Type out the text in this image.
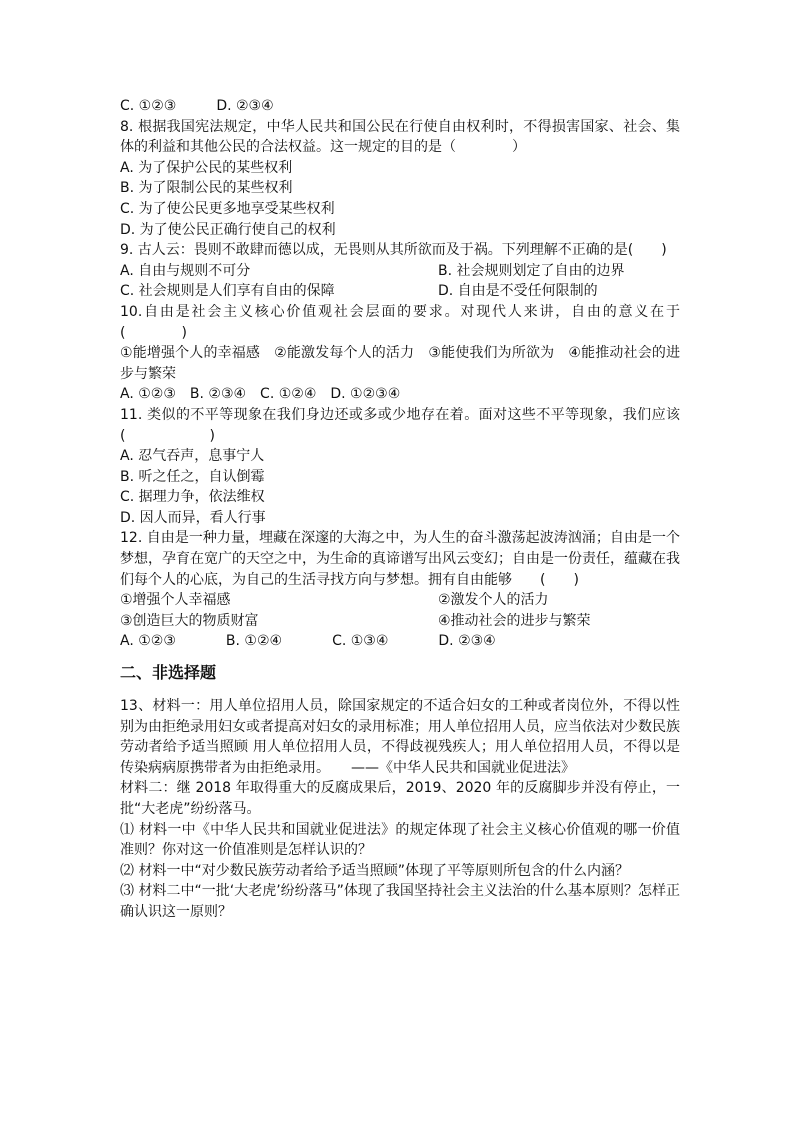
C. ①②③	D. ②③④
8. 根据我国宪法规定，中华人民共和国公民在行使自由权利时，不得损害国家、社会、集体的利益和其他公民的合法权益。这一规定的目的是（　　　　）
A. 为了保护公民的某些权利
B. 为了限制公民的某些权利
C. 为了使公民更多地享受某些权利
D. 为了使公民正确行使自己的权利
9. 古人云：畏则不敢肆而德以成，无畏则从其所欲而及于祸。下列理解不正确的是(　　)
A. 自由与规则不可分	B. 社会规则划定了自由的边界
C. 社会规则是人们享有自由的保障	D. 自由是不受任何限制的
10.自由是社会主义核心价值观社会层面的要求。对现代人来讲，自由的意义在于(　　　　)
①能增强个人的幸福感　②能激发每个人的活力　③能使我们为所欲为　④能推动社会的进步与繁荣
A. ①②③　B. ②③④　C. ①②④　D. ①②③④
11. 类似的不平等现象在我们身边还或多或少地存在着。面对这些不平等现象，我们应该(　　　　　　)
A. 忍气吞声，息事宁人
B. 听之任之，自认倒霉
C. 据理力争，依法维权
D. 因人而异，看人行事
12. 自由是一种力量，埋藏在深邃的大海之中，为人生的奋斗激荡起波涛汹涌；自由是一个梦想，孕育在宽广的天空之中，为生命的真谛谱写出风云变幻；自由是一份责任，蕴藏在我们每个人的心底，为自己的生活寻找方向与梦想。拥有自由能够　　(　　)
①增强个人幸福感	②激发个人的活力
③创造巨大的物质财富	④推动社会的进步与繁荣
A. ①②③	B. ①②④	C. ①③④	D. ②③④
二、非选择题
13、材料一：用人单位招用人员，除国家规定的不适合妇女的工种或者岗位外，不得以性别为由拒绝录用妇女或者提高对妇女的录用标准；用人单位招用人员，应当依法对少数民族劳动者给予适当照顾 用人单位招用人员，不得歧视残疾人；用人单位招用人员，不得以是传染病病原携带者为由拒绝录用。　　——《中华人民共和国就业促进法》
材料二：继 2018 年取得重大的反腐成果后，2019、2020 年的反腐脚步并没有停止，一批“大老虎”纷纷落马。
⑴ 材料一中《中华人民共和国就业促进法》的规定体现了社会主义核心价值观的哪一价值准则？你对这一价值准则是怎样认识的？
⑵ 材料一中“对少数民族劳动者给予适当照顾”体现了平等原则所包含的什么内涵？
⑶ 材料二中“一批‘大老虎’纷纷落马”体现了我国坚持社会主义法治的什么基本原则？怎样正确认识这一原则？
